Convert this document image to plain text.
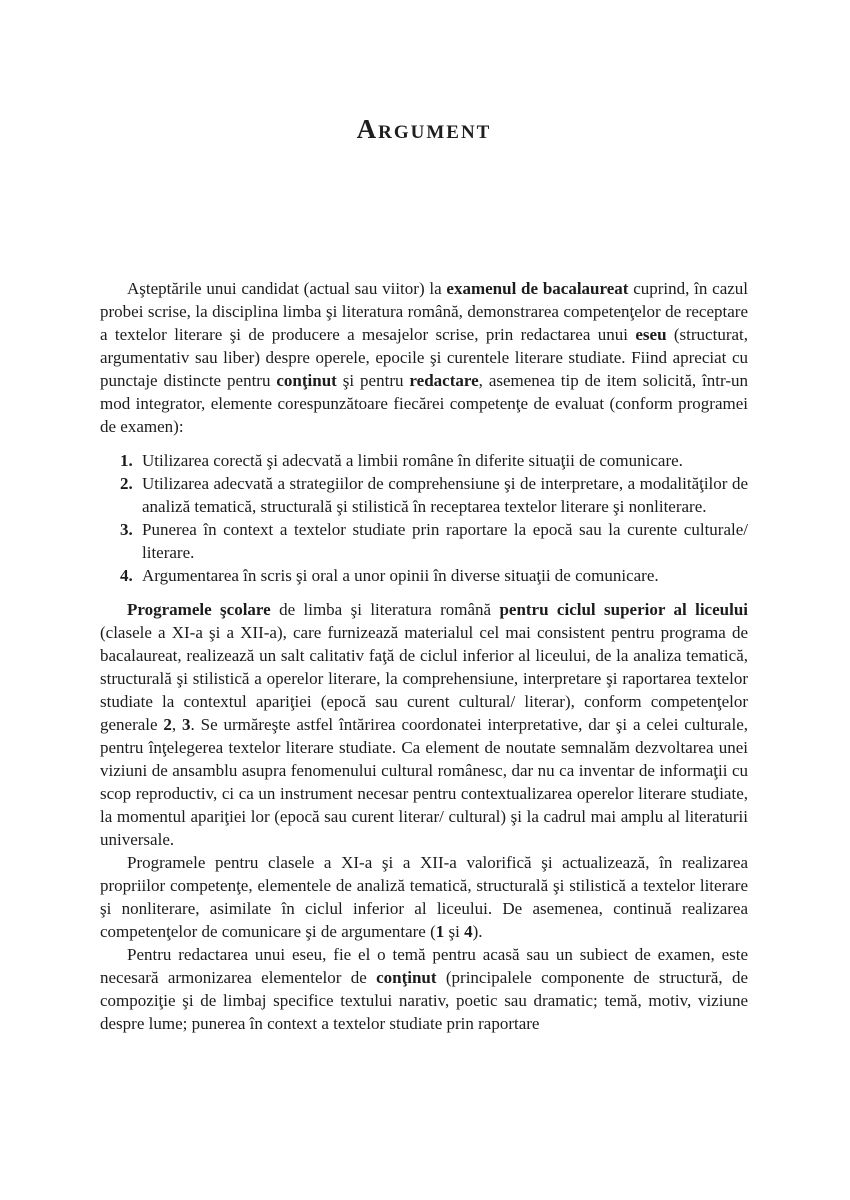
Argument

Aşteptările unui candidat (actual sau viitor) la examenul de bacalaureat cuprind, în cazul probei scrise, la disciplina limba şi literatura română, demonstrarea competenţelor de receptare a textelor literare şi de producere a mesajelor scrise, prin redactarea unui eseu (structurat, argumentativ sau liber) despre operele, epocile şi curentele literare studiate. Fiind apreciat cu punctaje distincte pentru conţinut şi pentru redactare, asemenea tip de item solicită, într-un mod integrator, elemente corespunzătoare fiecărei competenţe de evaluat (conform programei de examen):

1. Utilizarea corectă şi adecvată a limbii române în diferite situaţii de comunicare.
2. Utilizarea adecvată a strategiilor de comprehensiune şi de interpretare, a modalităţilor de analiză tematică, structurală şi stilistică în receptarea textelor literare şi nonliterare.
3. Punerea în context a textelor studiate prin raportare la epocă sau la curente culturale/ literare.
4. Argumentarea în scris şi oral a unor opinii în diverse situaţii de comunicare.

Programele şcolare de limba şi literatura română pentru ciclul superior al liceului (clasele a XI-a şi a XII-a), care furnizează materialul cel mai consistent pentru programa de bacalaureat, realizează un salt calitativ faţă de ciclul inferior al liceului, de la analiza tematică, structurală şi stilistică a operelor literare, la comprehensiune, interpretare şi raportarea textelor studiate la contextul apariţiei (epocă sau curent cultural/ literar), conform competenţelor generale 2, 3. Se urmăreşte astfel întărirea coordonatei interpretative, dar şi a celei culturale, pentru înţelegerea textelor literare studiate. Ca element de noutate semnalăm dezvoltarea unei viziuni de ansamblu asupra fenomenului cultural românesc, dar nu ca inventar de informaţii cu scop reproductiv, ci ca un instrument necesar pentru contextualizarea operelor literare studiate, la momentul apariţiei lor (epocă sau curent literar/ cultural) şi la cadrul mai amplu al literaturii universale.

Programele pentru clasele a XI-a şi a XII-a valorifică şi actualizează, în realizarea propriilor competenţe, elementele de analiză tematică, structurală şi stilistică a textelor literare şi nonliterare, asimilate în ciclul inferior al liceului. De asemenea, continuă realizarea competenţelor de comunicare şi de argumentare (1 şi 4).

Pentru redactarea unui eseu, fie el o temă pentru acasă sau un subiect de examen, este necesară armonizarea elementelor de conţinut (principalele componente de structură, de compoziţie şi de limbaj specifice textului narativ, poetic sau dramatic; temă, motiv, viziune despre lume; punerea în context a textelor studiate prin raportare
